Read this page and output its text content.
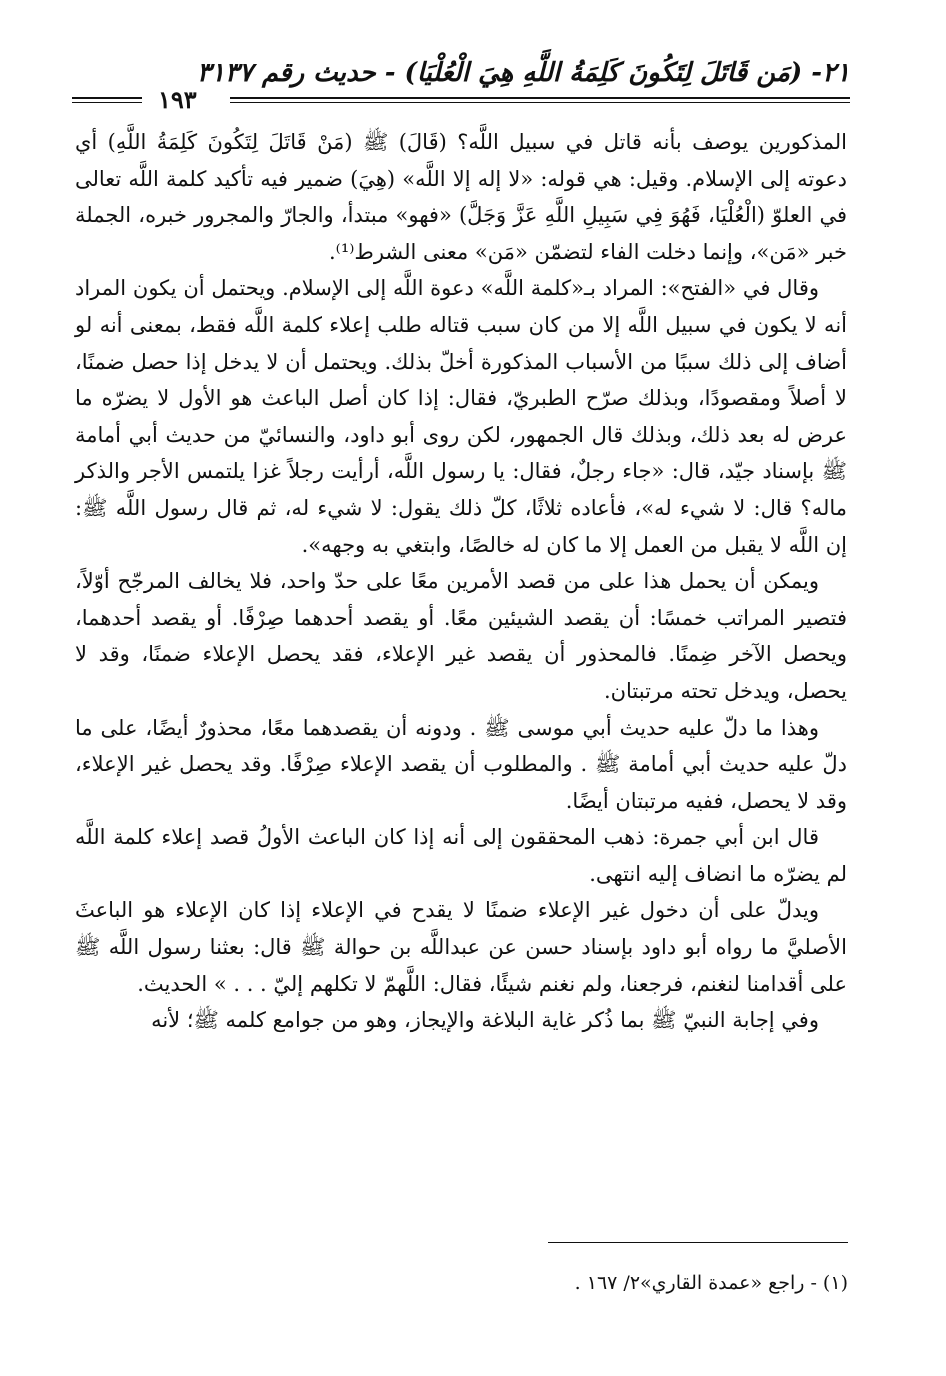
٢١- (مَن قَاتَلَ لِتَكُونَ كَلِمَةُ اللَّهِ هِيَ الْعُلْيَا) - حديث رقم ٣١٣٧
١٩٣

المذكورين يوصف بأنه قاتل في سبيل اللَّه؟ (قَالَ) ﷺ (مَنْ قَاتَلَ لِتَكُونَ كَلِمَةُ اللَّهِ) أي دعوته إلى الإسلام. وقيل: هي قوله: «لا إله إلا اللَّه» (هِيَ) ضمير فيه تأكيد كلمة اللَّه تعالى في العلوّ (الْعُلْيَا، فَهُوَ فِي سَبِيلِ اللَّهِ عَزَّ وَجَلَّ) «فهو» مبتدأ، والجارّ والمجرور خبره، الجملة خبر «مَن»، وإنما دخلت الفاء لتضمّن «مَن» معنى الشرط⁽¹⁾.

وقال في «الفتح»: المراد بـ«كلمة اللَّه» دعوة اللَّه إلى الإسلام. ويحتمل أن يكون المراد أنه لا يكون في سبيل اللَّه إلا من كان سبب قتاله طلب إعلاء كلمة اللَّه فقط، بمعنى أنه لو أضاف إلى ذلك سببًا من الأسباب المذكورة أخلّ بذلك. ويحتمل أن لا يدخل إذا حصل ضمنًا، لا أصلاً ومقصودًا، وبذلك صرّح الطبريّ، فقال: إذا كان أصل الباعث هو الأول لا يضرّه ما عرض له بعد ذلك، وبذلك قال الجمهور، لكن روى أبو داود، والنسائيّ من حديث أبي أمامة ﷺ بإسناد جيّد، قال: «جاء رجلٌ، فقال: يا رسول اللَّه، أرأيت رجلاً غزا يلتمس الأجر والذكر ماله؟ قال: لا شيء له»، فأعاده ثلاثًا، كلّ ذلك يقول: لا شيء له، ثم قال رسول اللَّه ﷺ: إن اللَّه لا يقبل من العمل إلا ما كان له خالصًا، وابتغي به وجهه».

ويمكن أن يحمل هذا على من قصد الأمرين معًا على حدّ واحد، فلا يخالف المرجّح أوّلاً، فتصير المراتب خمسًا: أن يقصد الشيئين معًا. أو يقصد أحدهما صِرْفًا. أو يقصد أحدهما، ويحصل الآخر ضِمنًا. فالمحذور أن يقصد غير الإعلاء، فقد يحصل الإعلاء ضمنًا، وقد لا يحصل، ويدخل تحته مرتبتان.

وهذا ما دلّ عليه حديث أبي موسى ﷺ . ودونه أن يقصدهما معًا، محذورٌ أيضًا، على ما دلّ عليه حديث أبي أمامة ﷺ . والمطلوب أن يقصد الإعلاء صِرْفًا. وقد يحصل غير الإعلاء، وقد لا يحصل، ففيه مرتبتان أيضًا.

قال ابن أبي جمرة: ذهب المحققون إلى أنه إذا كان الباعث الأولُ قصد إعلاء كلمة اللَّه لم يضرّه ما انضاف إليه انتهى.

ويدلّ على أن دخول غير الإعلاء ضمنًا لا يقدح في الإعلاء إذا كان الإعلاء هو الباعثَ الأصليَّ ما رواه أبو داود بإسناد حسن عن عبداللَّه بن حوالة ﷺ قال: بعثنا رسول اللَّه ﷺ على أقدامنا لنغنم، فرجعنا، ولم نغنم شيئًا، فقال: اللَّهمّ لا تكلهم إليّ . . . » الحديث.

وفي إجابة النبيّ ﷺ بما ذُكر غاية البلاغة والإيجاز، وهو من جوامع كلمه ﷺ؛ لأنه

(١) - راجع «عمدة القاري»٢/ ١٦٧ .
